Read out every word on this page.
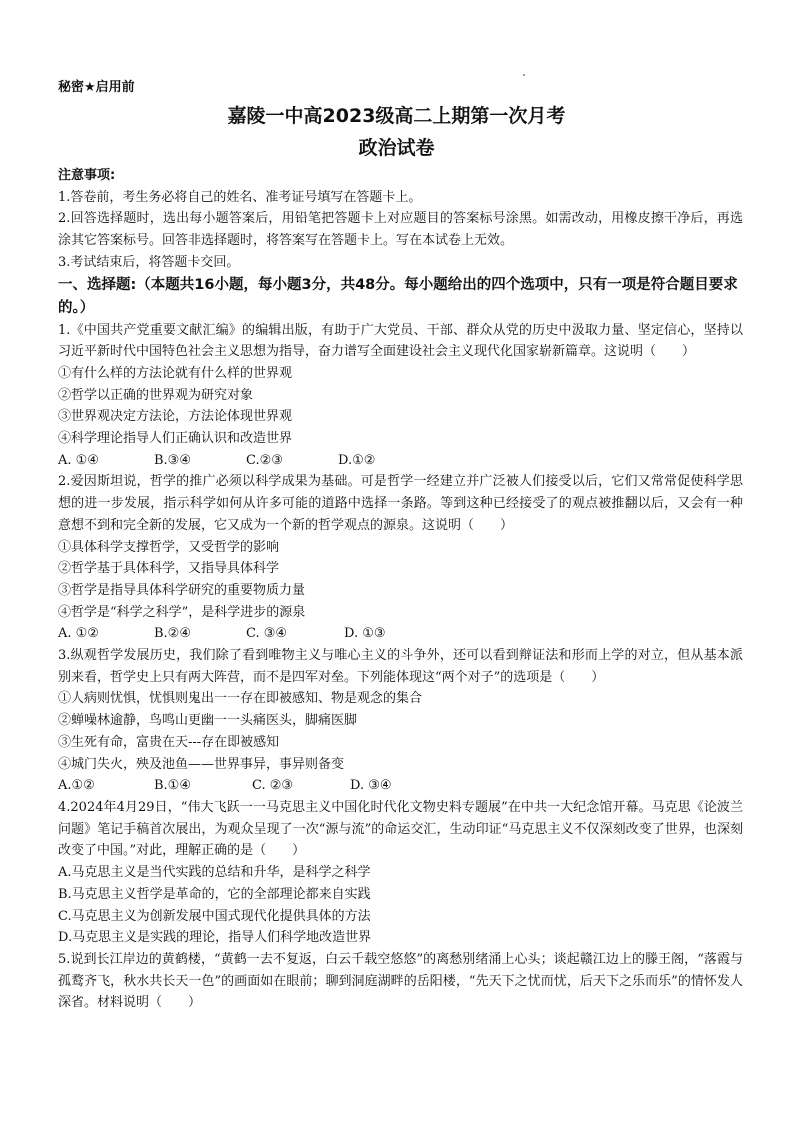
秘密★启用前
嘉陵一中高2023级高二上期第一次月考
政治试卷
注意事项:
1.答卷前，考生务必将自己的姓名、准考证号填写在答题卡上。
2.回答选择题时，选出每小题答案后，用铅笔把答题卡上对应题目的答案标号涂黑。如需改动，用橡皮擦干净后，再选涂其它答案标号。回答非选择题时，将答案写在答题卡上。写在本试卷上无效。
3.考试结束后，将答题卡交回。
一、选择题:（本题共16小题，每小题3分，共48分。每小题给出的四个选项中，只有一项是符合题目要求的。）
1.《中国共产党重要文献汇编》的编辑出版，有助于广大党员、干部、群众从党的历史中汲取力量、坚定信心，坚持以习近平新时代中国特色社会主义思想为指导，奋力谱写全面建设社会主义现代化国家崭新篇章。这说明（　　）
①有什么样的方法论就有什么样的世界观
②哲学以正确的世界观为研究对象
③世界观决定方法论，方法论体现世界观
④科学理论指导人们正确认识和改造世界
A. ①④	B.③④	C.②③	D.①②
2.爱因斯坦说，哲学的推广必须以科学成果为基础。可是哲学一经建立并广泛被人们接受以后，它们又常常促使科学思想的进一步发展，指示科学如何从许多可能的道路中选择一条路。等到这种已经接受了的观点被推翻以后，又会有一种意想不到和完全新的发展，它又成为一个新的哲学观点的源泉。这说明（　　）
①具体科学支撑哲学，又受哲学的影响
②哲学基于具体科学，又指导具体科学
③哲学是指导具体科学研究的重要物质力量
④哲学是“科学之科学”，是科学进步的源泉
A. ①②	B.②④	C. ③④	D. ①③
3.纵观哲学发展历史，我们除了看到唯物主义与唯心主义的斗争外，还可以看到辩证法和形而上学的对立，但从基本派别来看，哲学史上只有两大阵营，而不是四军对垒。下列能体现这“两个对子”的选项是（　　）
①人病则忧惧，忧惧则鬼出一一存在即被感知、物是观念的集合
②蝉噪林逾静，鸟鸣山更幽一一头痛医头，脚痛医脚
③生死有命，富贵在天---存在即被感知
④城门失火，殃及池鱼——世界事异，事异则备变
A.①②	B.①④	C. ②③	D. ③④
4.2024年4月29日，“伟大飞跃一一马克思主义中国化时代化文物史料专题展”在中共一大纪念馆开幕。马克思《论波兰问题》笔记手稿首次展出，为观众呈现了一次“源与流”的命运交汇，生动印证“马克思主义不仅深刻改变了世界，也深刻改变了中国。”对此，理解正确的是（　　）
A.马克思主义是当代实践的总结和升华，是科学之科学
B.马克思主义哲学是革命的，它的全部理论都来自实践
C.马克思主义为创新发展中国式现代化提供具体的方法
D.马克思主义是实践的理论，指导人们科学地改造世界
5.说到长江岸边的黄鹤楼，“黄鹤一去不复返，白云千载空悠悠”的离愁别绪涌上心头；谈起赣江边上的滕王阁，“落霞与孤鹜齐飞，秋水共长天一色”的画面如在眼前；聊到洞庭湖畔的岳阳楼，“先天下之忧而忧，后天下之乐而乐”的情怀发人深省。材料说明（　　）
